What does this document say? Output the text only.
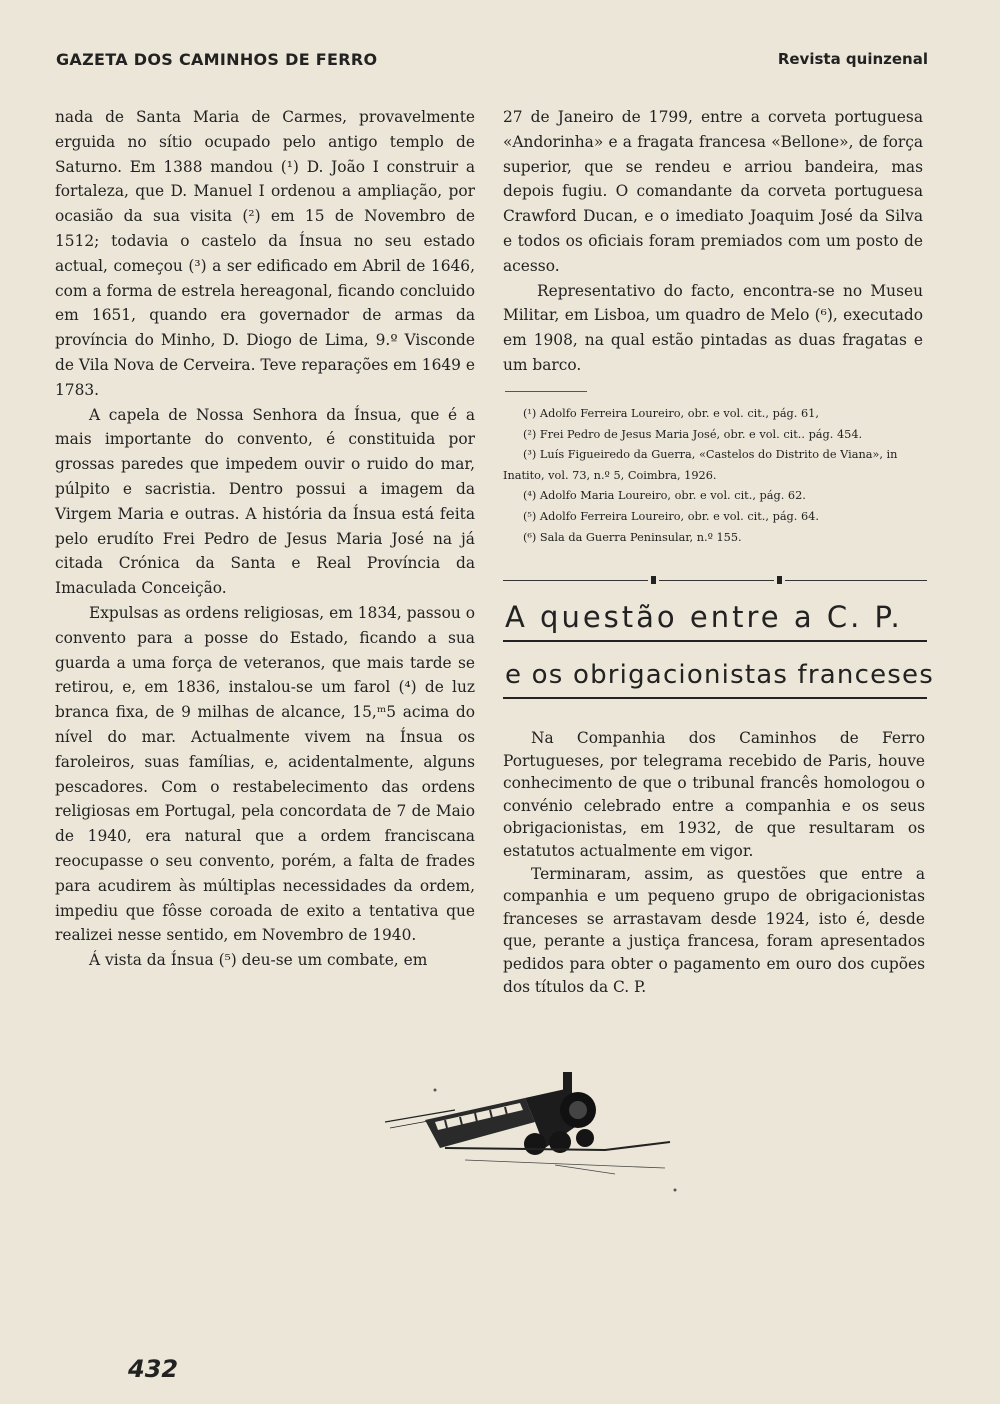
GAZETA DOS CAMINHOS DE FERRO	Revista quinzenal

nada de Santa Maria de Carmes, provavelmente erguida no sítio ocupado pelo antigo templo de Saturno. Em 1388 mandou (¹) D. João I construir a fortaleza, que D. Manuel I ordenou a ampliação, por ocasião da sua visita (²) em 15 de Novembro de 1512; todavia o castelo da Ínsua no seu estado actual, começou (³) a ser edificado em Abril de 1646, com a forma de estrela hereagonal, ficando concluido em 1651, quando era governador de armas da província do Minho, D. Diogo de Lima, 9.º Visconde de Vila Nova de Cerveira. Teve reparações em 1649 e 1783.

A capela de Nossa Senhora da Ínsua, que é a mais importante do convento, é constituida por grossas paredes que impedem ouvir o ruido do mar, púlpito e sacristia. Dentro possui a imagem da Virgem Maria e outras. A história da Ínsua está feita pelo erudíto Frei Pedro de Jesus Maria José na já citada Crónica da Santa e Real Província da Imaculada Conceição.

Expulsas as ordens religiosas, em 1834, passou o convento para a posse do Estado, ficando a sua guarda a uma força de veteranos, que mais tarde se retirou, e, em 1836, instalou-se um farol (⁴) de luz branca fixa, de 9 milhas de alcance, 15,ᵐ5 acima do nível do mar. Actualmente vivem na Ínsua os faroleiros, suas famílias, e, acidentalmente, alguns pescadores. Com o restabelecimento das ordens religiosas em Portugal, pela concordata de 7 de Maio de 1940, era natural que a ordem franciscana reocupasse o seu convento, porém, a falta de frades para acudirem às múltiplas necessidades da ordem, impediu que fôsse coroada de exito a tentativa que realizei nesse sentido, em Novembro de 1940.

Á vista da Ínsua (⁵) deu-se um combate, em

27 de Janeiro de 1799, entre a corveta portuguesa «Andorinha» e a fragata francesa «Bellone», de força superior, que se rendeu e arriou bandeira, mas depois fugiu. O comandante da corveta portuguesa Crawford Ducan, e o imediato Joaquim José da Silva e todos os oficiais foram premiados com um posto de acesso.

Representativo do facto, encontra-se no Museu Militar, em Lisboa, um quadro de Melo (⁶), executado em 1908, na qual estão pintadas as duas fragatas e um barco.

(¹) Adolfo Ferreira Loureiro, obr. e vol. cit., pág. 61,

(²) Frei Pedro de Jesus Maria José, obr. e vol. cit.. pág. 454.

(³) Luís Figueiredo da Guerra, «Castelos do Distrito de Viana», in Inatito, vol. 73, n.º 5, Coimbra, 1926.

(⁴) Adolfo Maria Loureiro, obr. e vol. cit., pág. 62.

(⁵) Adolfo Ferreira Loureiro, obr. e vol. cit., pág. 64.

(⁶) Sala da Guerra Peninsular, n.º 155.

A questão entre a C. P.
e os obrigacionistas franceses

Na Companhia dos Caminhos de Ferro Portugueses, por telegrama recebido de Paris, houve conhecimento de que o tribunal francês homologou o convénio celebrado entre a companhia e os seus obrigacionistas, em 1932, de que resultaram os estatutos actualmente em vigor.

Terminaram, assim, as questões que entre a companhia e um pequeno grupo de obrigacionistas franceses se arrastavam desde 1924, isto é, desde que, perante a justiça francesa, foram apresentados pedidos para obter o pagamento em ouro dos cupões dos títulos da C. P.

432
